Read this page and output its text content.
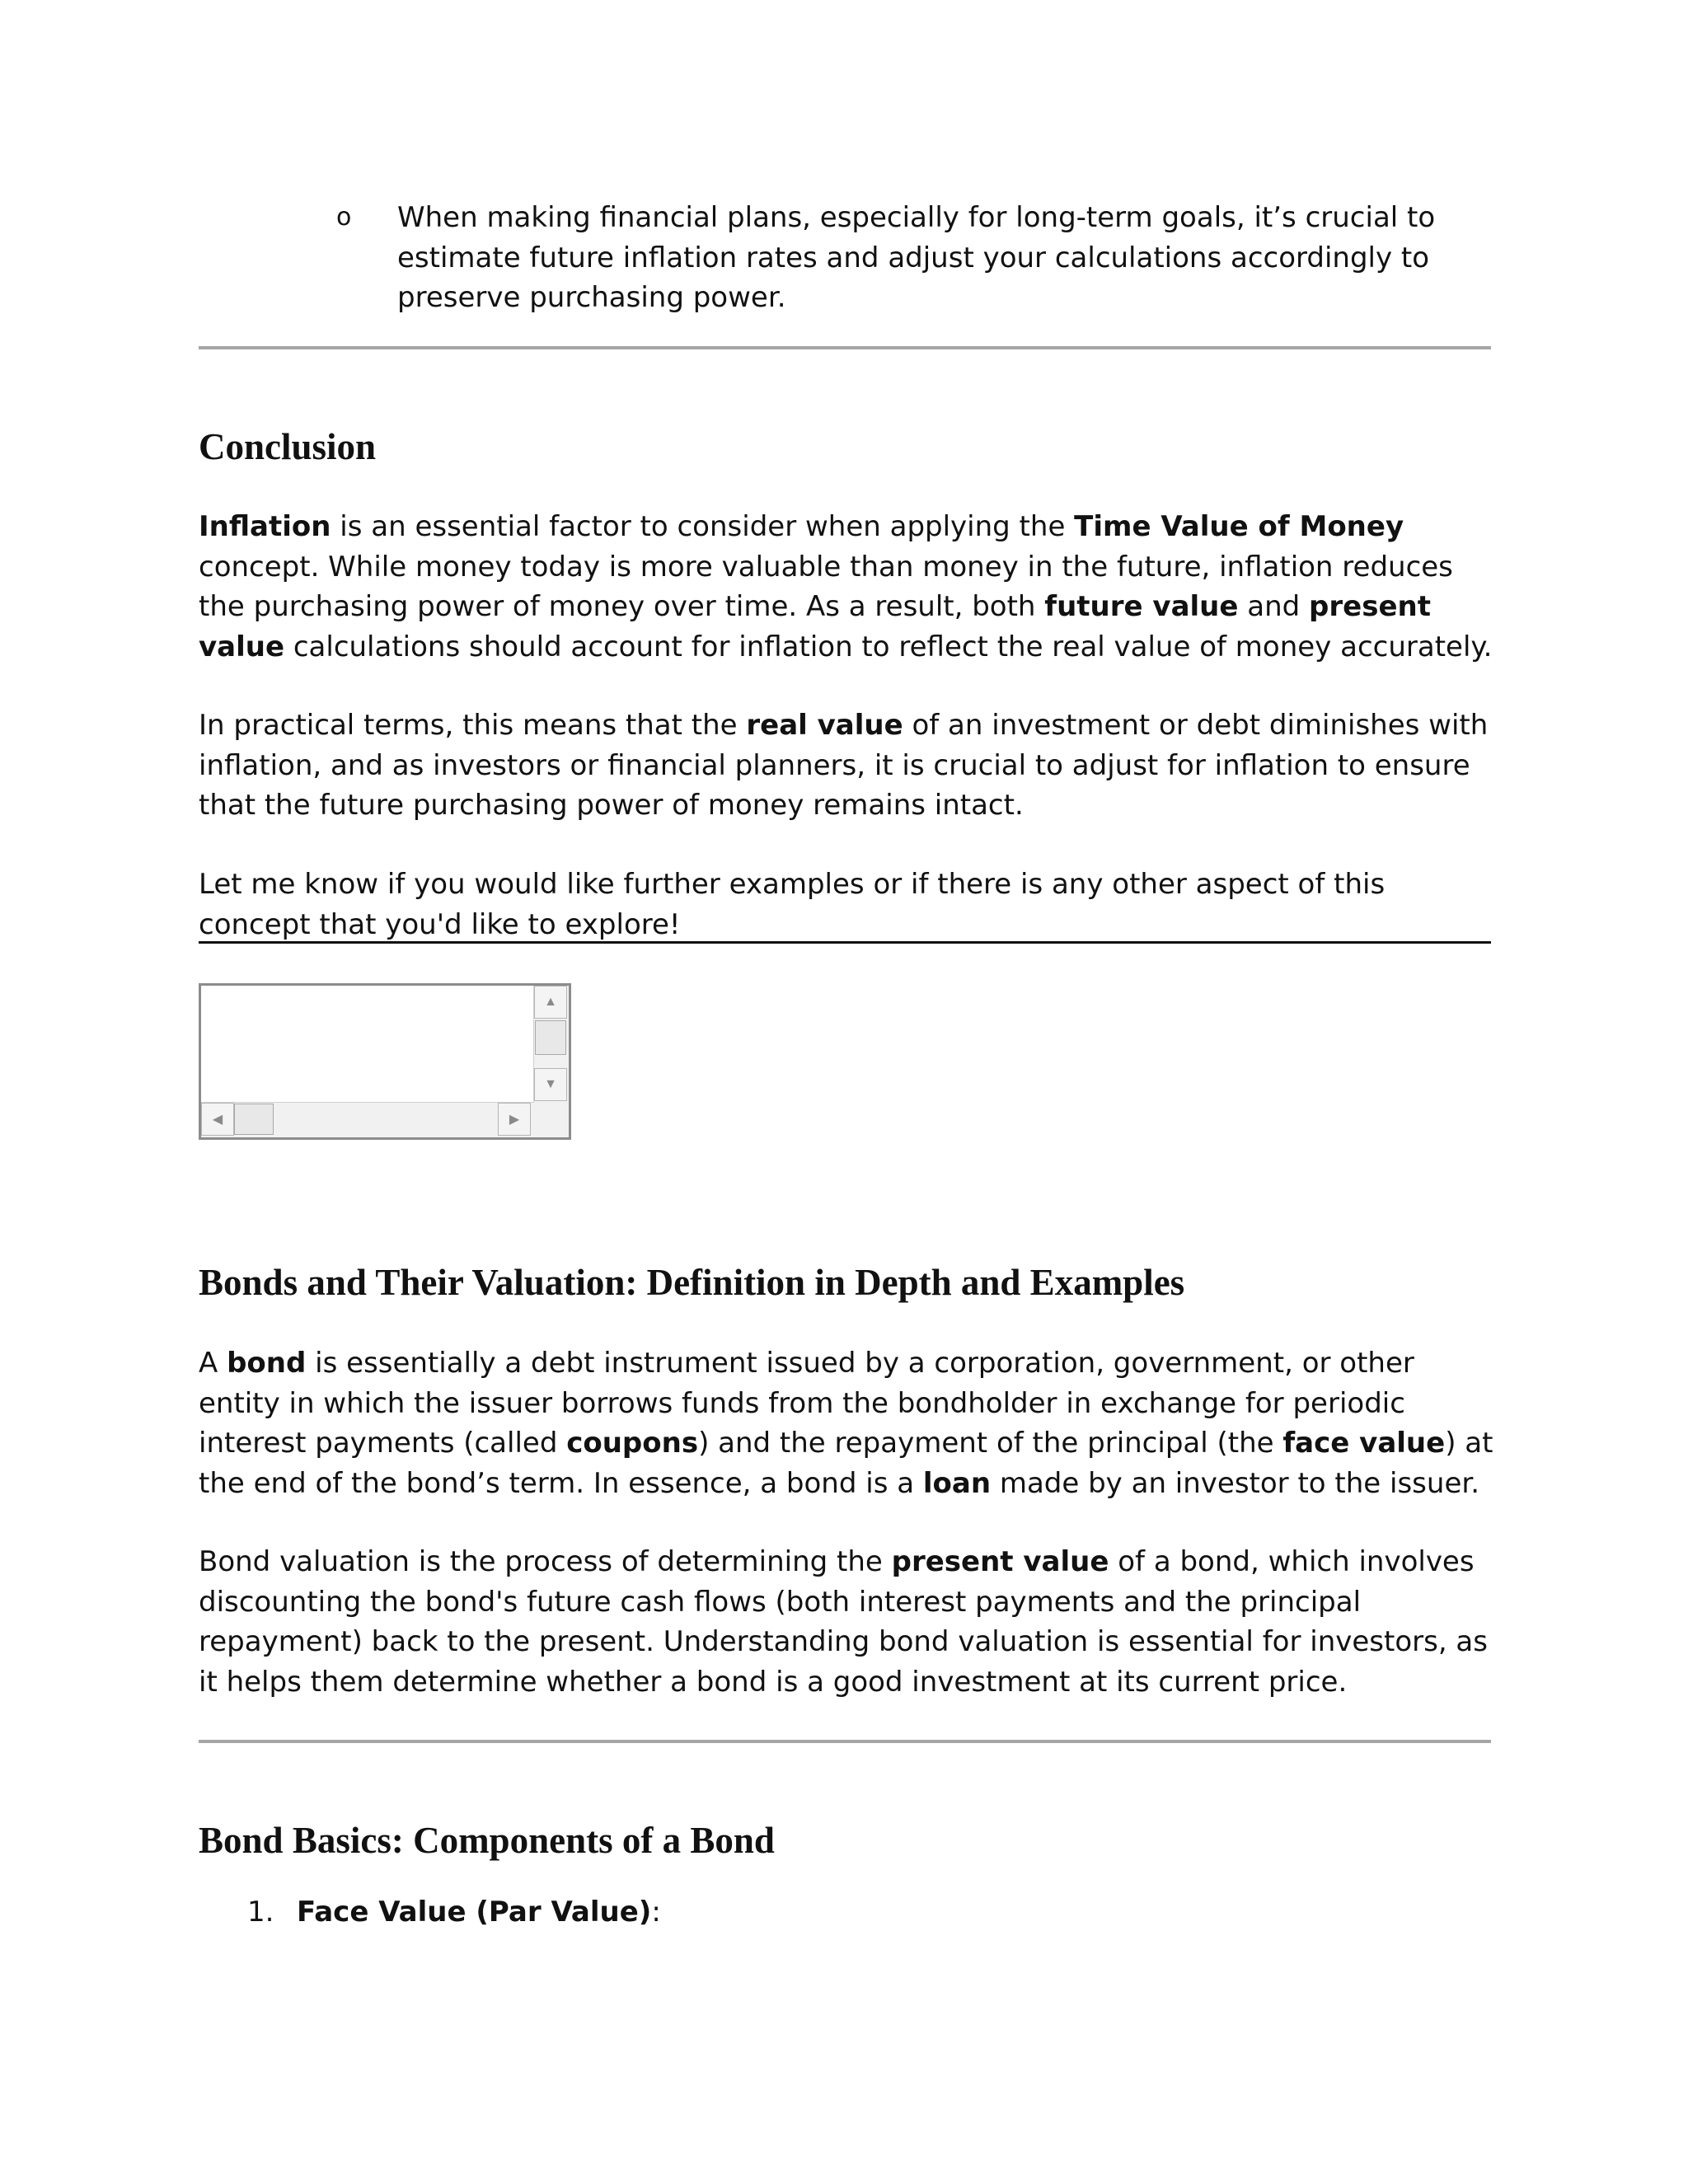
o When making financial plans, especially for long-term goals, it’s crucial to estimate future inflation rates and adjust your calculations accordingly to preserve purchasing power.
Conclusion

Inflation is an essential factor to consider when applying the Time Value of Money concept. While money today is more valuable than money in the future, inflation reduces the purchasing power of money over time. As a result, both future value and present value calculations should account for inflation to reflect the real value of money accurately.

In practical terms, this means that the real value of an investment or debt diminishes with inflation, and as investors or financial planners, it is crucial to adjust for inflation to ensure that the future purchasing power of money remains intact.

Let me know if you would like further examples or if there is any other aspect of this concept that you'd like to explore!

▲
▼
◀	▶
Bonds and Their Valuation: Definition in Depth and Examples

A bond is essentially a debt instrument issued by a corporation, government, or other entity in which the issuer borrows funds from the bondholder in exchange for periodic interest payments (called coupons) and the repayment of the principal (the face value) at the end of the bond’s term. In essence, a bond is a loan made by an investor to the issuer.

Bond valuation is the process of determining the present value of a bond, which involves discounting the bond's future cash flows (both interest payments and the principal repayment) back to the present. Understanding bond valuation is essential for investors, as it helps them determine whether a bond is a good investment at its current price.

Bond Basics: Components of a Bond
1. Face Value (Par Value):
